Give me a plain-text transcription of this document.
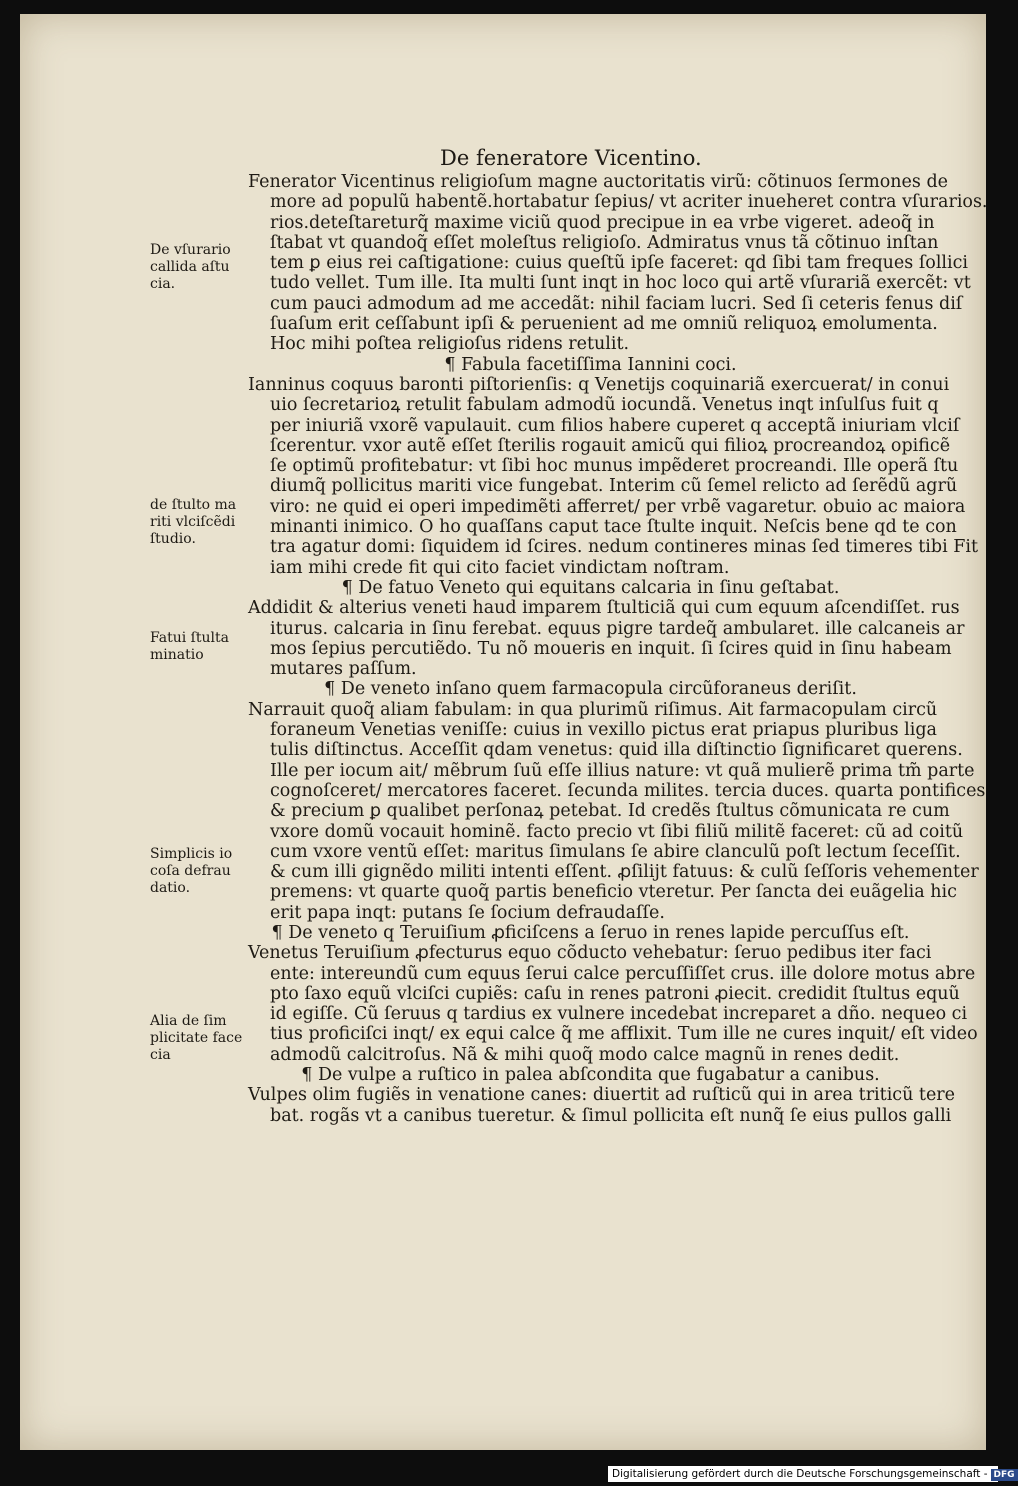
De feneratore Vicentino.
Fenerator Vicentinus religioſum magne auctoritatis virũ: cõtinuos ſermones de
more ad populũ habentẽ.hortabatur ſepius/ vt acriter inueheret contra vſurarios.
rios.deteſtareturq̃ maxime viciũ quod precipue in ea vrbe vigeret. adeoq̃ in
ſtabat vt quandoq̃ eſſet moleſtus religioſo. Admiratus vnus tã cõtinuo inſtan
tem ꝑ eius rei caſtigatione: cuius queſtũ ipſe faceret: qd ſibi tam freques ſollici
tudo vellet. Tum ille. Ita multi ſunt inqt in hoc loco qui artẽ vſurariã exercẽt: vt
cum pauci admodum ad me accedãt: nihil faciam lucri. Sed ſi ceteris fenus diſ
ſuaſum erit ceſſabunt ipſi & peruenient ad me omniũ reliquoꝝ emolumenta.
Hoc mihi poſtea religioſus ridens retulit.
¶ Fabula facetiſſima Iannini coci.
Ianninus coquus baronti piſtorienſis: q Venetijs coquinariã exercuerat/ in conui
uio ſecretarioꝝ retulit fabulam admodũ iocundã. Venetus inqt inſulſus fuit q
per iniuriã vxorẽ vapulauit. cum filios habere cuperet q acceptã iniuriam vlciſ
ſcerentur. vxor autẽ eſſet ſterilis rogauit amicũ qui filioꝝ procreandoꝝ opificẽ
ſe optimũ profitebatur: vt ſibi hoc munus impẽderet procreandi. Ille operã ſtu
diumq̃ pollicitus mariti vice fungebat. Interim cũ ſemel relicto ad ſerẽdũ agrũ
viro: ne quid ei operi impedimẽti afferret/ per vrbẽ vagaretur. obuio ac maiora
minanti inimico. O ho quaſſans caput tace ſtulte inquit. Neſcis bene qd te con
tra agatur domi: ſiquidem id ſcires. nedum contineres minas ſed timeres tibi Fit
iam mihi crede fit qui cito faciet vindictam noſtram.
¶ De fatuo Veneto qui equitans calcaria in ſinu geſtabat.
Addidit & alterius veneti haud imparem ſtulticiã qui cum equum aſcendiſſet. rus
iturus. calcaria in ſinu ferebat. equus pigre tardeq̃ ambularet. ille calcaneis ar
mos ſepius percutiẽdo. Tu nõ moueris en inquit. ſi ſcires quid in ſinu habeam
mutares paſſum.
¶ De veneto inſano quem farmacopula circũforaneus deriſit.
Narrauit quoq̃ aliam fabulam: in qua plurimũ riſimus. Ait farmacopulam circũ
foraneum Venetias veniſſe: cuius in vexillo pictus erat priapus pluribus liga
tulis diſtinctus. Acceſſit qdam venetus: quid illa diſtinctio ſignificaret querens.
Ille per iocum ait/ mẽbrum ſuũ eſſe illius nature: vt quã mulierẽ prima tm̃ parte
cognoſceret/ mercatores faceret. ſecunda milites. tercia duces. quarta pontifices
& precium ꝑ qualibet perſonaꝝ petebat. Id credẽs ſtultus cõmunicata re cum
vxore domũ vocauit hominẽ. facto precio vt ſibi filiũ militẽ faceret: cũ ad coitũ
cum vxore ventũ eſſet: maritus ſimulans ſe abire clanculũ poſt lectum ſeceſſit.
& cum illi gignẽdo militi intenti eſſent. ꝓſilijt fatuus: & culũ ſeſſoris vehementer
premens: vt quarte quoq̃ partis beneficio vteretur. Per ſancta dei euãgelia hic
erit papa inqt: putans ſe ſocium defraudaſſe.
¶ De veneto q Teruiſium ꝓficiſcens a ſeruo in renes lapide percuſſus eſt.
Venetus Teruiſium ꝓfecturus equo cõducto vehebatur: ſeruo pedibus iter faci
ente: intereundũ cum equus ſerui calce percuſſiſſet crus. ille dolore motus abre
pto ſaxo equũ vlciſci cupiẽs: caſu in renes patroni ꝓiecit. credidit ſtultus equũ
id egiſſe. Cũ ſeruus q tardius ex vulnere incedebat increparet a dño. nequeo ci
tius proficiſci inqt/ ex equi calce q̃ me afflixit. Tum ille ne cures inquit/ eſt video
admodũ calcitroſus. Nã & mihi quoq̃ modo calce magnũ in renes dedit.
¶ De vulpe a ruſtico in palea abſcondita que fugabatur a canibus.
Vulpes olim fugiẽs in venatione canes: diuertit ad ruſticũ qui in area triticũ tere
bat. rogãs vt a canibus tueretur. & ſimul pollicita eſt nunq̃ ſe eius pullos galli
De vſurario
callida aſtu
cia.
de ſtulto ma
riti vlciſcẽdi
ſtudio.
Fatui ſtulta
minatio
Simplicis io
coſa defrau
datio.
Alia de ſim
plicitate face
cia
Digitalisierung gefördert durch die Deutsche Forschungsgemeinschaft - DFG
